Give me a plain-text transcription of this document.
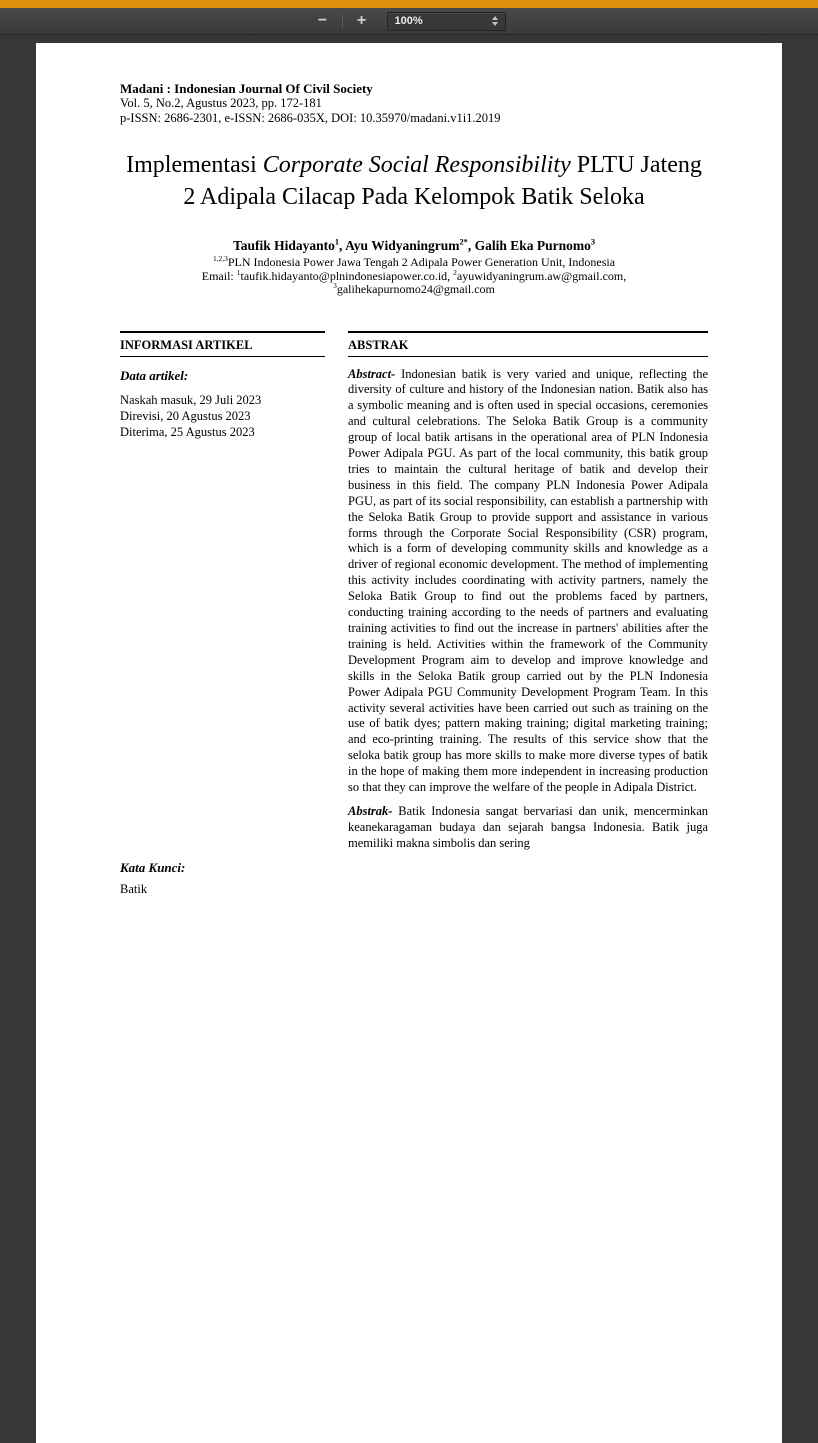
−	+	100%
Madani : Indonesian Journal Of Civil Society
Vol. 5, No.2, Agustus 2023, pp. 172-181
p-ISSN: 2686-2301, e-ISSN: 2686-035X, DOI: 10.35970/madani.v1i1.2019
Implementasi Corporate Social Responsibility PLTU Jateng 2 Adipala Cilacap Pada Kelompok Batik Seloka
Taufik Hidayanto$^1$, Ayu Widyaningrum$^{2*}$, Galih Eka Purnomo$^3$
$^{1,2,3}$PLN Indonesia Power Jawa Tengah 2 Adipala Power Generation Unit, Indonesia
Email: $^1$taufik.hidayanto@plnindonesiapower.co.id, $^2$ayuwidyaningrum.aw@gmail.com,
$^3$galihekapurnomo24@gmail.com
INFORMASI ARTIKEL
Data artikel:
Naskah masuk, 29 Juli 2023
Direvisi, 20 Agustus 2023
Diterima, 25 Agustus 2023
Kata Kunci:
Batik
ABSTRAK

Abstract- Indonesian batik is very varied and unique, reflecting the diversity of culture and history of the Indonesian nation. Batik also has a symbolic meaning and is often used in special occasions, ceremonies and cultural celebrations. The Seloka Batik Group is a community group of local batik artisans in the operational area of PLN Indonesia Power Adipala PGU. As part of the local community, this batik group tries to maintain the cultural heritage of batik and develop their business in this field. The company PLN Indonesia Power Adipala PGU, as part of its social responsibility, can establish a partnership with the Seloka Batik Group to provide support and assistance in various forms through the Corporate Social Responsibility (CSR) program, which is a form of developing community skills and knowledge as a driver of regional economic development. The method of implementing this activity includes coordinating with activity partners, namely the Seloka Batik Group to find out the problems faced by partners, conducting training according to the needs of partners and evaluating training activities to find out the increase in partners' abilities after the training is held. Activities within the framework of the Community Development Program aim to develop and improve knowledge and skills in the Seloka Batik group carried out by the PLN Indonesia Power Adipala PGU Community Development Program Team. In this activity several activities have been carried out such as training on the use of batik dyes; pattern making training; digital marketing training; and eco-printing training. The results of this service show that the seloka batik group has more skills to make more diverse types of batik in the hope of making them more independent in increasing production so that they can improve the welfare of the people in Adipala District.

Abstrak- Batik Indonesia sangat bervariasi dan unik, mencerminkan keanekaragaman budaya dan sejarah bangsa Indonesia. Batik juga memiliki makna simbolis dan sering
